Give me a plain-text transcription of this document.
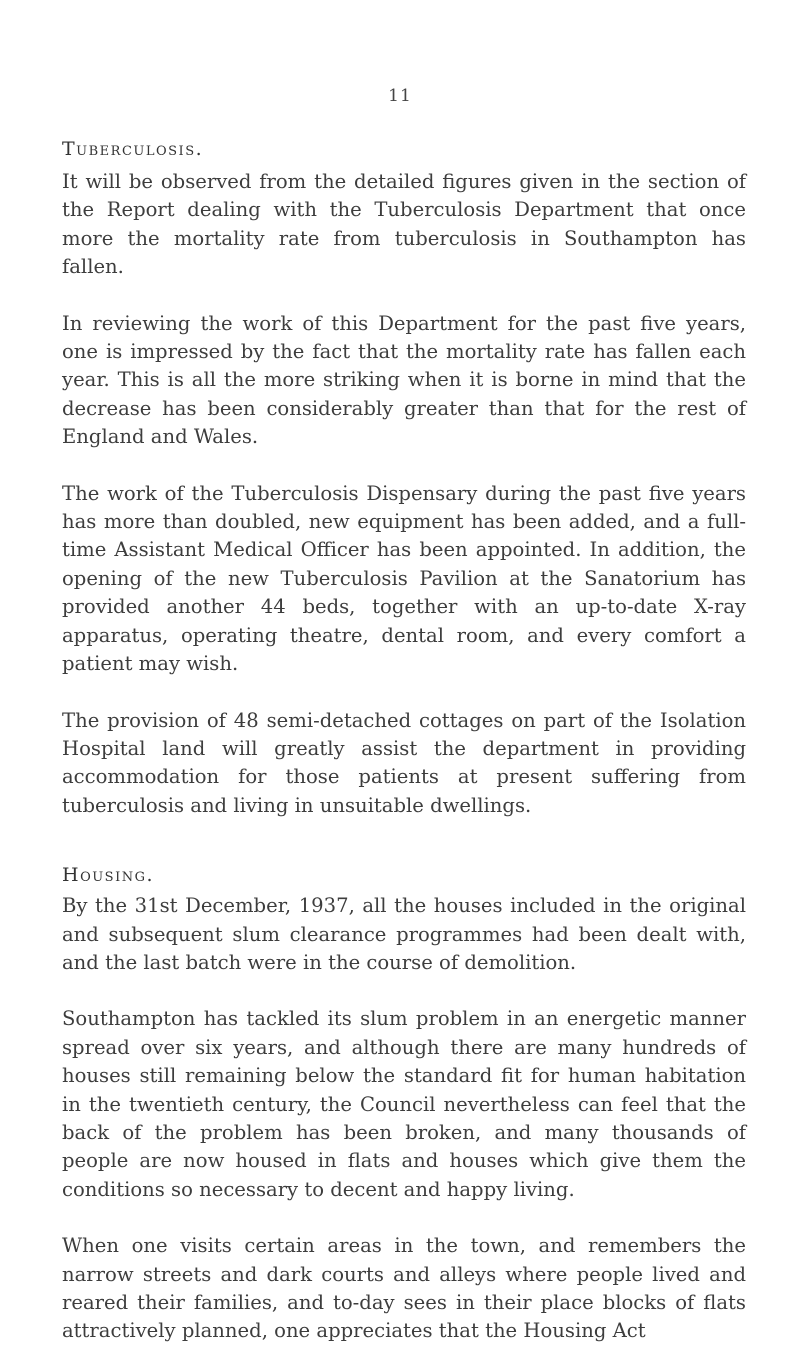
11
Tuberculosis.

It will be observed from the detailed figures given in the section of the Report dealing with the Tuberculosis Department that once more the mortality rate from tuberculosis in Southampton has fallen.

In reviewing the work of this Department for the past five years, one is impressed by the fact that the mortality rate has fallen each year. This is all the more striking when it is borne in mind that the decrease has been considerably greater than that for the rest of England and Wales.

The work of the Tuberculosis Dispensary during the past five years has more than doubled, new equipment has been added, and a full-time Assistant Medical Officer has been appointed. In addition, the opening of the new Tuberculosis Pavilion at the Sanatorium has provided another 44 beds, together with an up-to-date X-ray apparatus, operating theatre, dental room, and every comfort a patient may wish.

The provision of 48 semi-detached cottages on part of the Isolation Hospital land will greatly assist the department in providing accommodation for those patients at present suffering from tuberculosis and living in unsuitable dwellings.

Housing.

By the 31st December, 1937, all the houses included in the original and subsequent slum clearance programmes had been dealt with, and the last batch were in the course of demolition.

Southampton has tackled its slum problem in an energetic manner spread over six years, and although there are many hundreds of houses still remaining below the standard fit for human habitation in the twentieth century, the Council nevertheless can feel that the back of the problem has been broken, and many thousands of people are now housed in flats and houses which give them the conditions so necessary to decent and happy living.

When one visits certain areas in the town, and remembers the narrow streets and dark courts and alleys where people lived and reared their families, and to-day sees in their place blocks of flats attractively planned, one appreciates that the Housing Act
